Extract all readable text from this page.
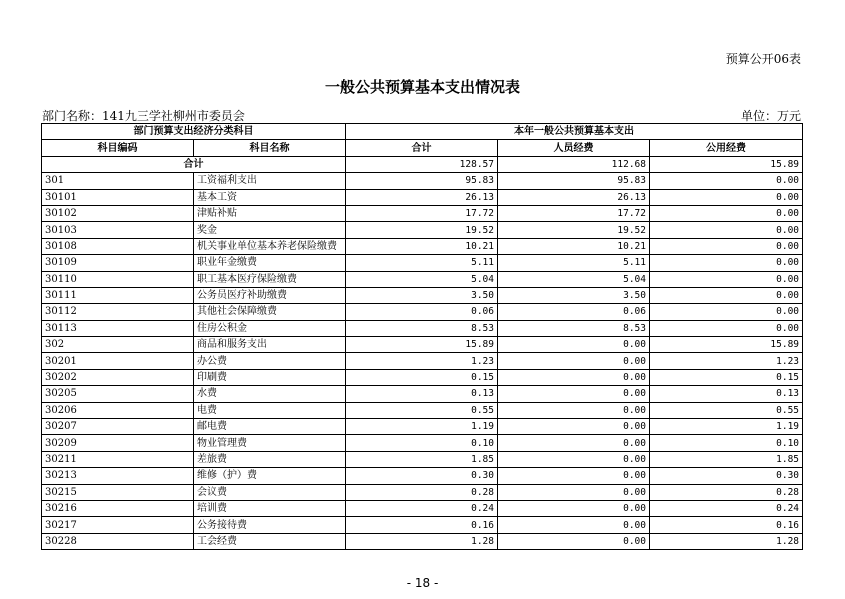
预算公开06表
一般公共预算基本支出情况表
部门名称：141九三学社柳州市委员会	单位：万元
部门预算支出经济分类科目		本年一般公共预算基本支出		
科目编码	科目名称	合计	人员经费	公用经费
合计		128.57	112.68	15.89
301	工资福利支出	95.83	95.83	0.00
30101	基本工资	26.13	26.13	0.00
30102	津贴补贴	17.72	17.72	0.00
30103	奖金	19.52	19.52	0.00
30108	机关事业单位基本养老保险缴费	10.21	10.21	0.00
30109	职业年金缴费	5.11	5.11	0.00
30110	职工基本医疗保险缴费	5.04	5.04	0.00
30111	公务员医疗补助缴费	3.50	3.50	0.00
30112	其他社会保障缴费	0.06	0.06	0.00
30113	住房公积金	8.53	8.53	0.00
302	商品和服务支出	15.89	0.00	15.89
30201	办公费	1.23	0.00	1.23
30202	印刷费	0.15	0.00	0.15
30205	水费	0.13	0.00	0.13
30206	电费	0.55	0.00	0.55
30207	邮电费	1.19	0.00	1.19
30209	物业管理费	0.10	0.00	0.10
30211	差旅费	1.85	0.00	1.85
30213	维修（护）费	0.30	0.00	0.30
30215	会议费	0.28	0.00	0.28
30216	培训费	0.24	0.00	0.24
30217	公务接待费	0.16	0.00	0.16
30228	工会经费	1.28	0.00	1.28
- 18 -
